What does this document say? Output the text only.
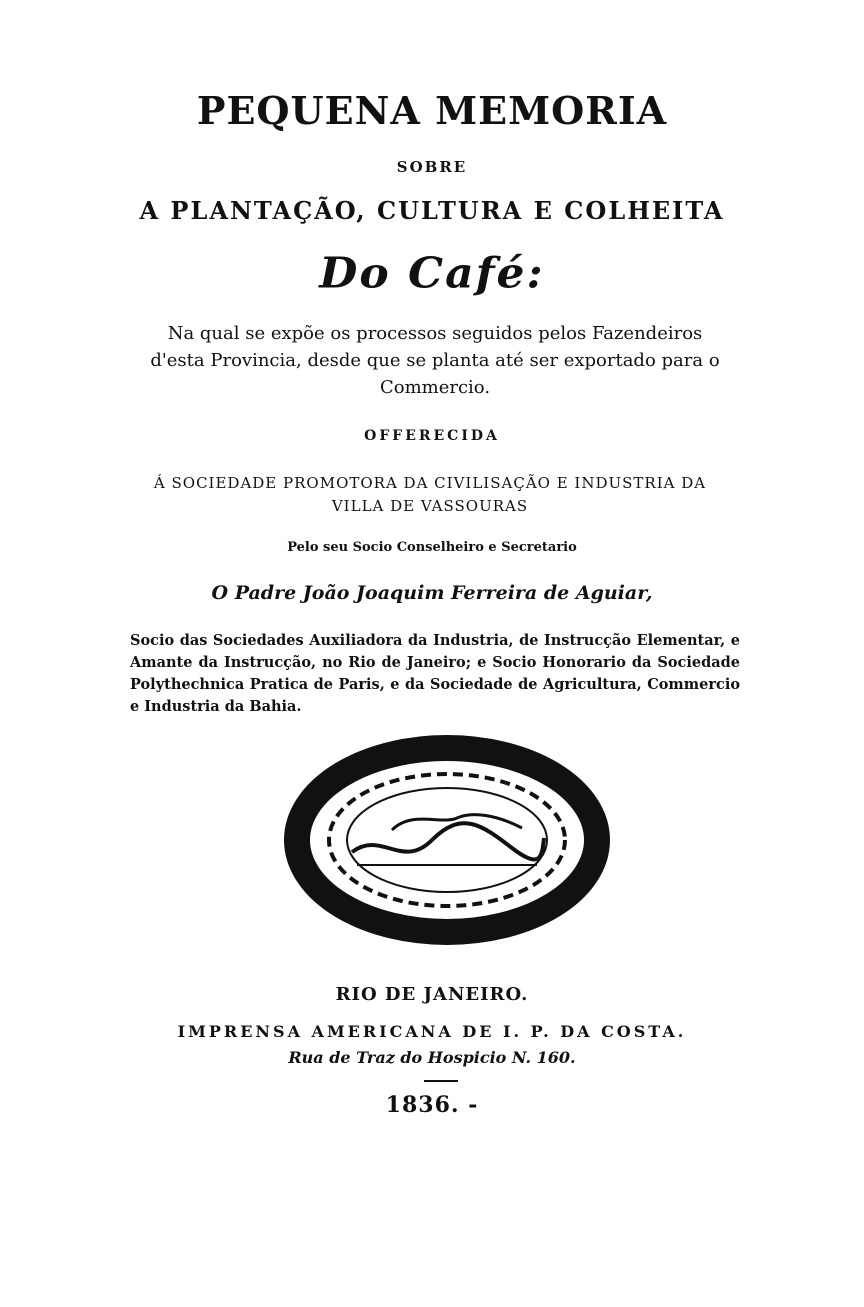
PEQUENA MEMORIA
SOBRE
A PLANTAÇÃO, CULTURA E COLHEITA
Do Café:
Na qual se expõe os processos seguidos pelos Fazendeiros d'esta Provincia, desde que se planta até ser exportado para o Commercio.
OFFERECIDA
Á SOCIEDADE PROMOTORA DA CIVILISAÇÃO E INDUSTRIA DA VILLA DE VASSOURAS
Pelo seu Socio Conselheiro e Secretario
O Padre João Joaquim Ferreira de Aguiar,
Socio das Sociedades Auxiliadora da Industria, de Instrucção Elementar, e Amante da Instrucção, no Rio de Janeiro; e Socio Honorario da Sociedade Polythechnica Pratica de Paris, e da Sociedade de Agricultura, Commercio e Industria da Bahia.
itar
RIO DE JANEIRO.
IMPRENSA AMERICANA DE I. P. DA COSTA.
Rua de Traz do Hospicio N. 160.
1836. -
